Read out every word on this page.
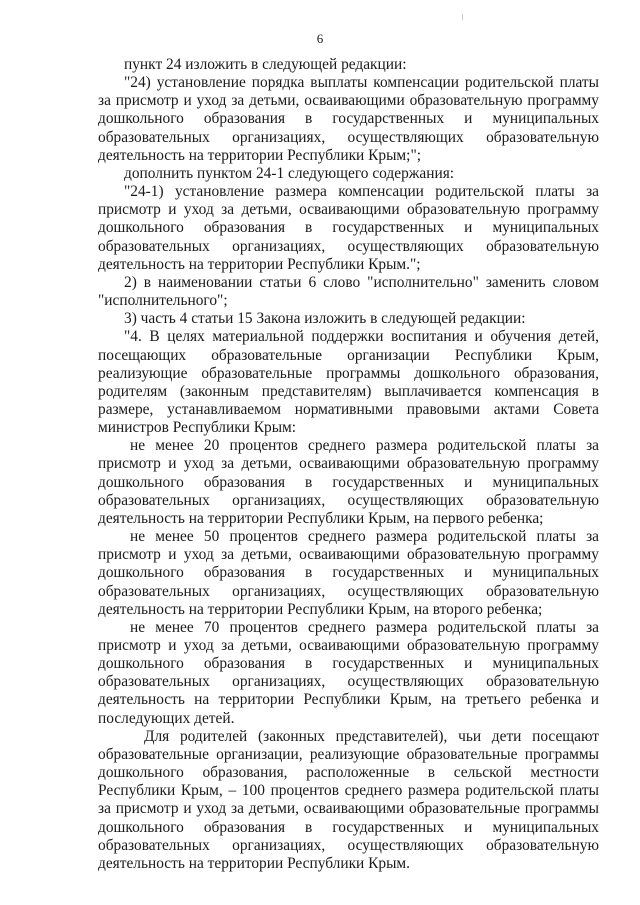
6

пункт 24 изложить в следующей редакции:

"24) установление порядка выплаты компенсации родительской платы за присмотр и уход за детьми, осваивающими образовательную программу дошкольного образования в государственных и муниципальных образовательных организациях, осуществляющих образовательную деятельность на территории Республики Крым;";

дополнить пунктом 24-1 следующего содержания:

"24-1) установление размера компенсации родительской платы за присмотр и уход за детьми, осваивающими образовательную программу дошкольного образования в государственных и муниципальных образовательных организациях, осуществляющих образовательную деятельность на территории Республики Крым.";

2) в наименовании статьи 6 слово "исполнительно" заменить словом "исполнительного";

3) часть 4 статьи 15 Закона изложить в следующей редакции:

"4. В целях материальной поддержки воспитания и обучения детей, посещающих образовательные организации Республики Крым, реализующие образовательные программы дошкольного образования, родителям (законным представителям) выплачивается компенсация в размере, устанавливаемом нормативными правовыми актами Совета министров Республики Крым:

не менее 20 процентов среднего размера родительской платы за присмотр и уход за детьми, осваивающими образовательную программу дошкольного образования в государственных и муниципальных образовательных организациях, осуществляющих образовательную деятельность на территории Республики Крым, на первого ребенка;

не менее 50 процентов среднего размера родительской платы за присмотр и уход за детьми, осваивающими образовательную программу дошкольного образования в государственных и муниципальных образовательных организациях, осуществляющих образовательную деятельность на территории Республики Крым, на второго ребенка;

не менее 70 процентов среднего размера родительской платы за присмотр и уход за детьми, осваивающими образовательную программу дошкольного образования в государственных и муниципальных образовательных организациях, осуществляющих образовательную деятельность на территории Республики Крым, на третьего ребенка и последующих детей.

Для родителей (законных представителей), чьи дети посещают образовательные организации, реализующие образовательные программы дошкольного образования, расположенные в сельской местности Республики Крым, – 100 процентов среднего размера родительской платы за присмотр и уход за детьми, осваивающими образовательные программы дошкольного образования в государственных и муниципальных образовательных организациях, осуществляющих образовательную деятельность на территории Республики Крым.
